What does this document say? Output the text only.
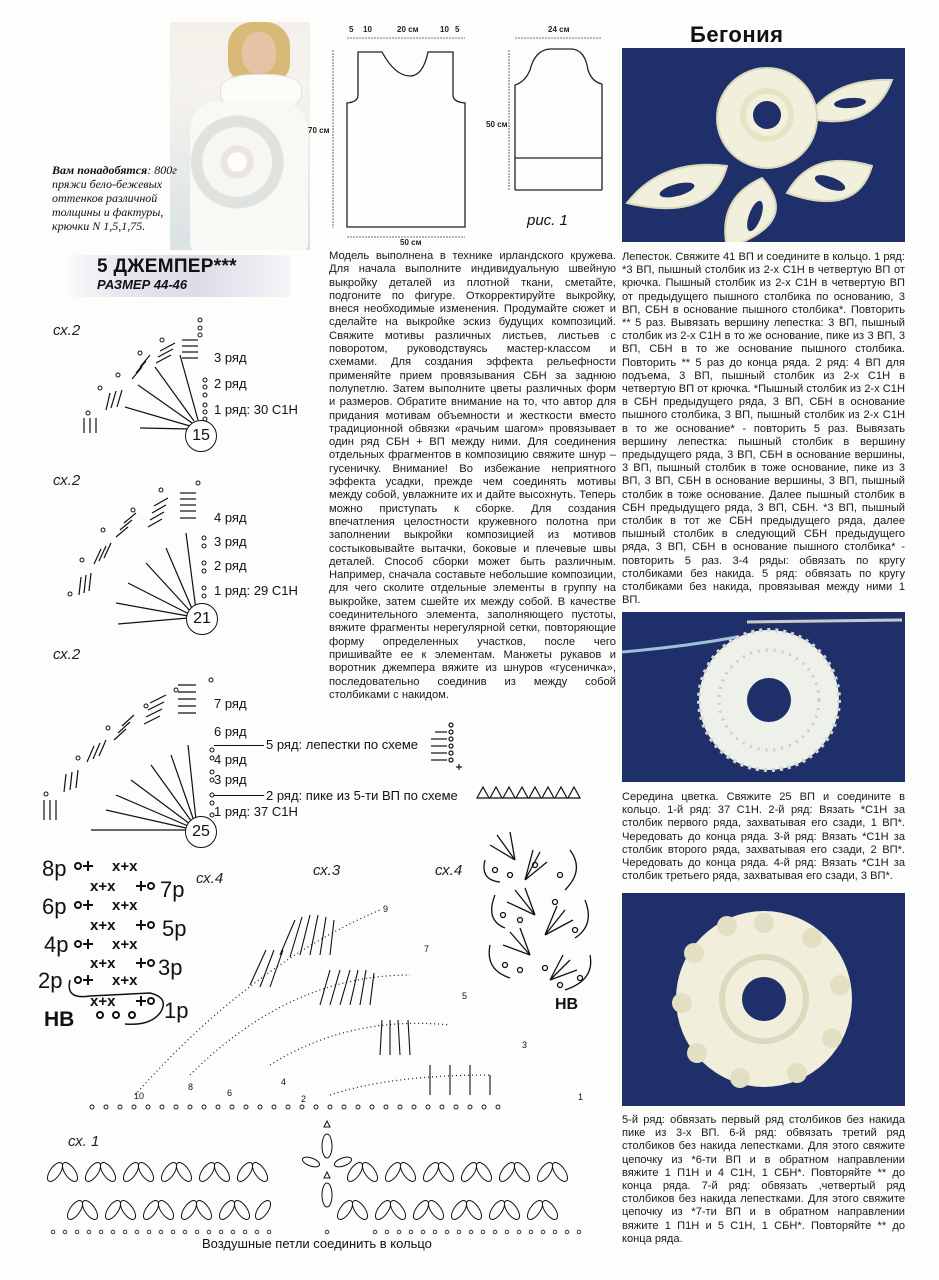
Вам понадобятся: 800г пряжи бело-бежевых оттенков различной толщины и фактуры, крючки N 1,5,1,75.
5 ДЖЕМПЕР***
РАЗМЕР 44-46
5 10	20 см	10 5
70 см
50 см
24 см
50 см
рис. 1
Модель выполнена в технике ирландского кружева. Для начала выполните индивидуальную швейную выкройку деталей из плотной ткани, сметайте, подгоните по фигуре. Откорректируйте выкройку, внеся необходимые изменения. Продумайте сюжет и сделайте на выкройке эскиз будущих композиций. Свяжите мотивы различных листьев, листьев с поворотом, руководствуясь мастер-классом и схемами. Для создания эффекта рельефности применяйте прием провязывания СБН за заднюю полупетлю. Затем выполните цветы различных форм и размеров. Обратите внимание на то, что автор для придания мотивам объемности и жесткости вместо традиционной обвязки «рачьим шагом» провязывает один ряд СБН + ВП между ними. Для соединения отдельных фрагментов в композицию свяжите шнур – гусеничку. Внимание! Во избежание неприятного эффекта усадки, прежде чем соединять мотивы между собой, увлажните их и дайте высохнуть. Теперь можно приступать к сборке. Для создания впечатления целостности кружевного полотна при заполнении выкройки композицией из мотивов состыковывайте вытачки, боковые и плечевые швы деталей. Способ сборки может быть различным. Например, сначала составьте небольшие композиции, для чего сколите отдельные элементы в группу на выкройке, затем сшейте их между собой. В качестве соединительного элемента, заполняющего пустоты, вяжите фрагменты нерегулярной сетки, повторяющие форму определенных участков, после чего пришивайте ее к элементам. Манжеты рукавов и воротник джемпера вяжите из шнуров «гусеничка», последовательно соединив из между собой столбиками с накидом.
сх.2
15
3 ряд
2 ряд
1 ряд: 30 С1Н
сх.2
21
4 ряд
3 ряд
2 ряд
1 ряд: 29 С1Н
сх.2
25
7 ряд
6 ряд
5 ряд: лепестки по схеме
4 ряд
3 ряд
2 ряд: пике из 5-ти ВП по схеме
1 ряд: 37 С1Н
8р
7р
6р
5р
4р
3р
2р
1р
НВ
x+x
x+x
x+x
x+x
x+x
x+x
x+x
x+x
сх.4	сх.3
9
7
5
3
1
10
8
6
4
2
сх.4
НВ
сх. 1
Воздушные петли соединить в кольцо
Бегония
Лепесток. Свяжите 41 ВП и соедините в кольцо. 1 ряд: *3 ВП, пышный столбик из 2-х С1Н в четвертую ВП от крючка. Пышный столбик из 2-х С1Н в четвертую ВП от предыдущего пышного столбика по основанию, 3 ВП, СБН в основание пышного столбика*. Повторить ** 5 раз. Вывязать вершину лепестка: 3 ВП, пышный столбик из 2-х С1Н в то же основание, пике из 3 ВП, 3 ВП, СБН в то же основание пышного столбика. Повторить ** 5 раз до конца ряда. 2 ряд: 4 ВП для подъема, 3 ВП, пышный столбик из 2-х С1Н в четвертую ВП от крючка. *Пышный столбик из 2-х С1Н в СБН предыдущего ряда, 3 ВП, СБН в основание пышного столбика, 3 ВП, пышный столбик из 2-х С1Н в то же основание* - повторить 5 раз. Вывязать вершину лепестка: пышный столбик в вершину предыдущего ряда, 3 ВП, СБН в основание вершины, 3 ВП, пышный столбик в тоже основание, пике из 3 ВП, 3 ВП, СБН в основание вершины, 3 ВП, пышный столбик в тоже основание. Далее пышный столбик в СБН предыдущего ряда, 3 ВП, СБН. *3 ВП, пышный столбик в тот же СБН предыдущего ряда, далее пышный столбик в следующий СБН предыдущего ряда, 3 ВП, СБН в основание пышного столбика* - повторить 5 раз. 3-4 ряды: обвязать по кругу столбиками без накида. 5 ряд: обвязать по кругу столбиками без накида, провязывая между ними 1 ВП.
Середина цветка. Свяжите 25 ВП и соедините в кольцо. 1-й ряд: 37 С1Н. 2-й ряд: Вязать *С1Н за столбик первого ряда, захватывая его сзади, 1 ВП*. Чередовать до конца ряда. 3-й ряд: Вязать *С1Н за столбик второго ряда, захватывая его сзади, 2 ВП*. Чередовать до конца ряда. 4-й ряд: Вязать *С1Н за столбик третьего ряда, захватывая его сзади, 3 ВП*.
5-й ряд: обвязать первый ряд столбиков без накида пике из 3-х ВП. 6-й ряд: обвязать третий ряд столбиков без накида лепестками. Для этого свяжите цепочку из *6-ти ВП и в обратном направлении вяжите 1 П1Н и 4 С1Н, 1 СБН*. Повторяйте ** до конца ряда. 7-й ряд: обвязать ,четвертый ряд столбиков без накида лепестками. Для этого свяжите цепочку из *7-ти ВП и в обратном направлении вяжите 1 П1Н и 5 С1Н, 1 СБН*. Повторяйте ** до конца ряда.
